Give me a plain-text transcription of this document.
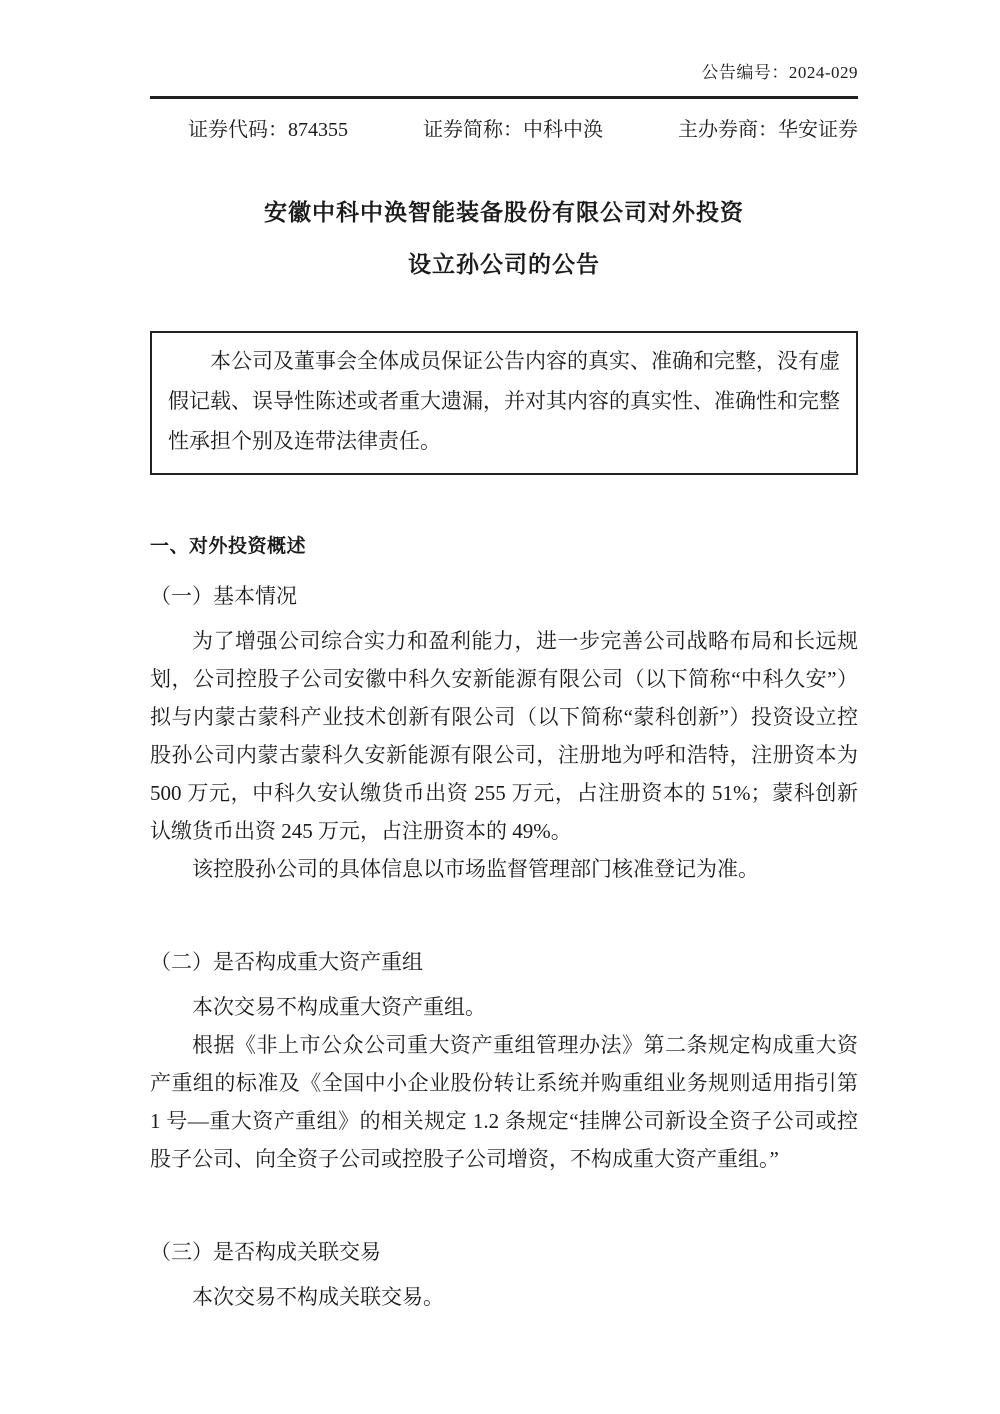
公告编号：2024-029
证券代码：874355	证券简称：中科中涣	主办券商：华安证券
安徽中科中涣智能装备股份有限公司对外投资
设立孙公司的公告

本公司及董事会全体成员保证公告内容的真实、准确和完整，没有虚假记载、误导性陈述或者重大遗漏，并对其内容的真实性、准确性和完整性承担个别及连带法律责任。

一、对外投资概述
（一）基本情况

为了增强公司综合实力和盈利能力，进一步完善公司战略布局和长远规划，公司控股子公司安徽中科久安新能源有限公司（以下简称“中科久安”）拟与内蒙古蒙科产业技术创新有限公司（以下简称“蒙科创新”）投资设立控股孙公司内蒙古蒙科久安新能源有限公司，注册地为呼和浩特，注册资本为 500 万元，中科久安认缴货币出资 255 万元，占注册资本的 51%；蒙科创新认缴货币出资 245 万元，占注册资本的 49%。

该控股孙公司的具体信息以市场监督管理部门核准登记为准。

（二）是否构成重大资产重组

本次交易不构成重大资产重组。

根据《非上市公众公司重大资产重组管理办法》第二条规定构成重大资产重组的标准及《全国中小企业股份转让系统并购重组业务规则适用指引第 1 号—重大资产重组》的相关规定 1.2 条规定“挂牌公司新设全资子公司或控股子公司、向全资子公司或控股子公司增资，不构成重大资产重组。”

（三）是否构成关联交易

本次交易不构成关联交易。
